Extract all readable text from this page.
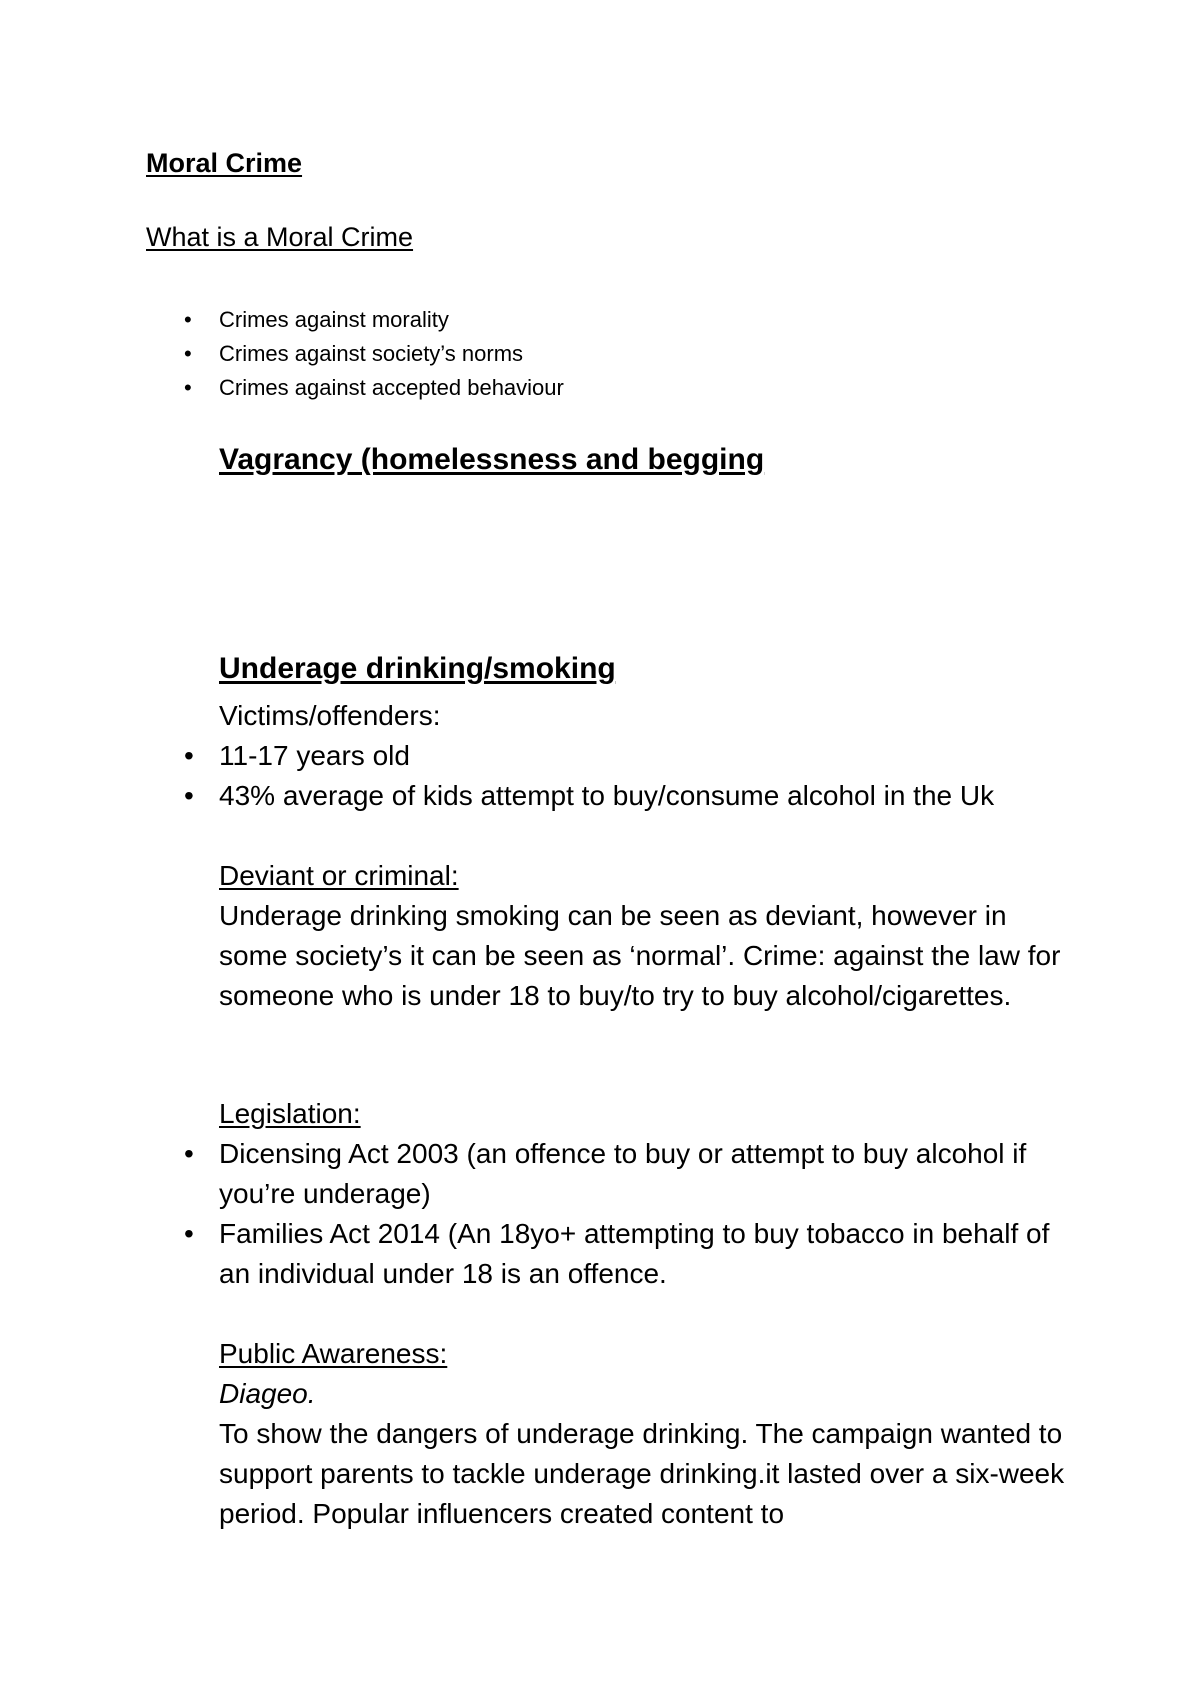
Moral Crime

What is a Moral Crime

• Crimes against morality
• Crimes against society’s norms
• Crimes against accepted behaviour

Vagrancy (homelessness and begging

Underage drinking/smoking

Victims/offenders:

• 11-17 years old
• 43% average of kids attempt to buy/consume alcohol in the Uk

Deviant or criminal:

Underage drinking smoking can be seen as deviant, however in some society’s it can be seen as ‘normal’. Crime: against the law for someone who is under 18 to buy/to try to buy alcohol/cigarettes.

Legislation:

• Dicensing Act 2003 (an offence to buy or attempt to buy alcohol if you’re underage)
• Families Act 2014 (An 18yo+ attempting to buy tobacco in behalf of an individual under 18 is an offence.

Public Awareness:

Diageo.

To show the dangers of underage drinking. The campaign wanted to support parents to tackle underage drinking.it lasted over a six-week period. Popular influencers created content to
